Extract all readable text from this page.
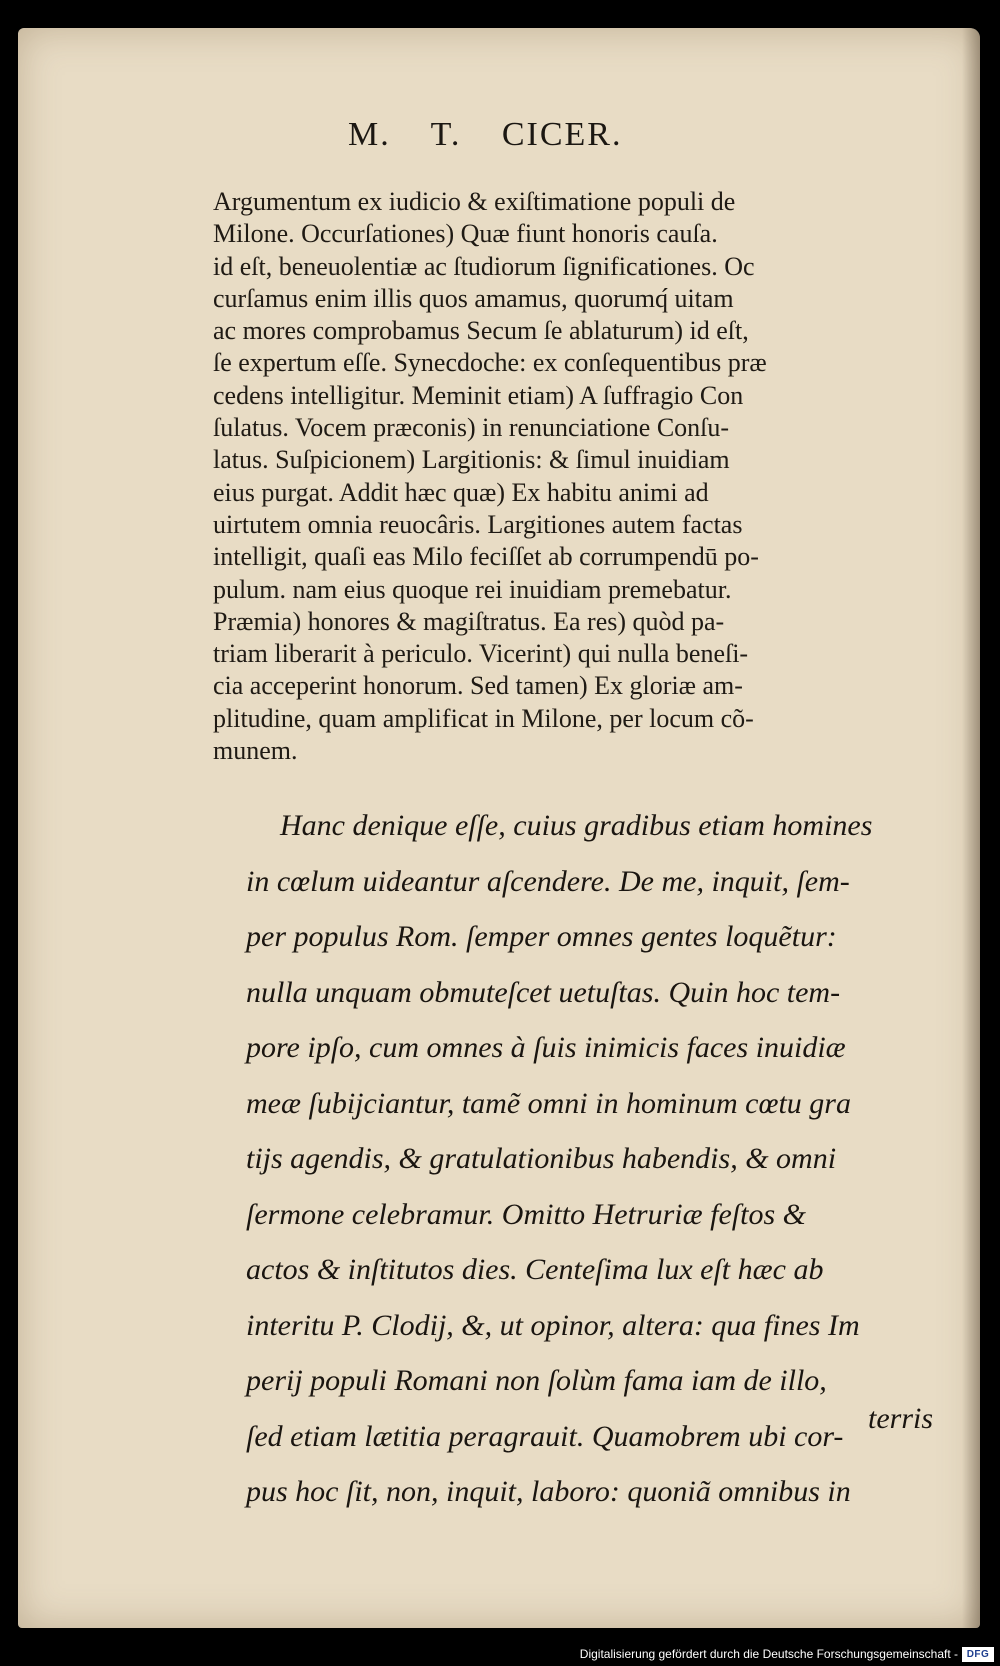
M. T. CICER.
Argumentum ex iudicio & exiſtimatione populi de
Milone. Occurſationes) Quæ fiunt honoris cauſa.
id eſt, beneuolentiæ ac ſtudiorum ſignificationes. Oc
curſamus enim illis quos amamus, quorumq́ uitam
ac mores comprobamus Secum ſe ablaturum) id eſt,
ſe expertum eſſe. Synecdoche: ex conſequentibus præ
cedens intelligitur. Meminit etiam) A ſuffragio Con
ſulatus. Vocem præconis) in renunciatione Conſu-
latus. Suſpicionem) Largitionis: & ſimul inuidiam
eius purgat. Addit hæc quæ) Ex habitu animi ad
uirtutem omnia reuocâris. Largitiones autem factas
intelligit, quaſi eas Milo feciſſet ab corrumpendū po-
pulum. nam eius quoque rei inuidiam premebatur.
Præmia) honores & magiſtratus. Ea res) quòd pa-
triam liberarit à periculo. Vicerint) qui nulla beneſi-
cia acceperint honorum. Sed tamen) Ex gloriæ am-
plitudine, quam amplificat in Milone, per locum cõ-
munem.
Hanc denique eſſe, cuius gradibus etiam homines
in cœlum uideantur aſcendere. De me, inquit, ſem-
per populus Rom. ſemper omnes gentes loquẽtur:
nulla unquam obmuteſcet uetuſtas. Quin hoc tem-
pore ipſo, cum omnes à ſuis inimicis faces inuidiæ
meæ ſubijciantur, tamẽ omni in hominum cœtu gra
tijs agendis, & gratulationibus habendis, & omni
ſermone celebramur. Omitto Hetruriæ feſtos &
actos & inſtitutos dies. Centeſima lux eſt hæc ab
interitu P. Clodij, &, ut opinor, altera: qua fines Im
perij populi Romani non ſolùm fama iam de illo,
ſed etiam lætitia peragrauit. Quamobrem ubi cor-
pus hoc ſit, non, inquit, laboro: quoniã omnibus in

terris

Digitalisierung gefördert durch die Deutsche Forschungsgemeinschaft - DFG
